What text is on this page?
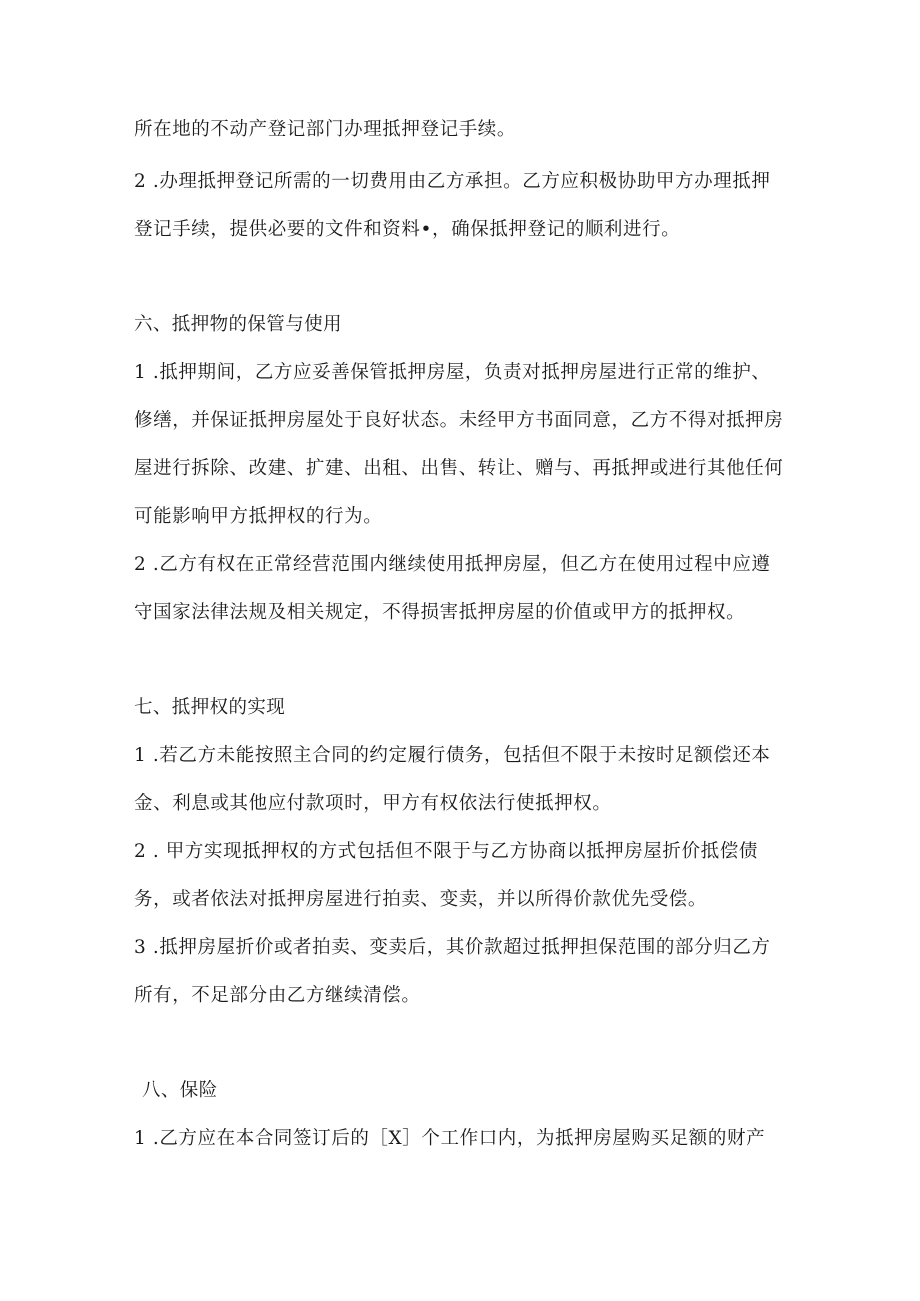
所在地的不动产登记部门办理抵押登记手续。
2 .办理抵押登记所需的一切费用由乙方承担。乙方应积极协助甲方办理抵押
登记手续，提供必要的文件和资料•，确保抵押登记的顺利进行。
六、抵押物的保管与使用
1 .抵押期间，乙方应妥善保管抵押房屋，负责对抵押房屋进行正常的维护、
修缮，并保证抵押房屋处于良好状态。未经甲方书面同意，乙方不得对抵押房
屋进行拆除、改建、扩建、出租、出售、转让、赠与、再抵押或进行其他任何
可能影响甲方抵押权的行为。
2 .乙方有权在正常经营范围内继续使用抵押房屋，但乙方在使用过程中应遵
守国家法律法规及相关规定，不得损害抵押房屋的价值或甲方的抵押权。
七、抵押权的实现
1 .若乙方未能按照主合同的约定履行债务，包括但不限于未按时足额偿还本
金、利息或其他应付款项时，甲方有权依法行使抵押权。
2 . 甲方实现抵押权的方式包括但不限于与乙方协商以抵押房屋折价抵偿债
务，或者依法对抵押房屋进行拍卖、变卖，并以所得价款优先受偿。
3 .抵押房屋折价或者拍卖、变卖后，其价款超过抵押担保范围的部分归乙方
所有，不足部分由乙方继续清偿。
八、保险
1 .乙方应在本合同签订后的［X］个工作口内，为抵押房屋购买足额的财产
